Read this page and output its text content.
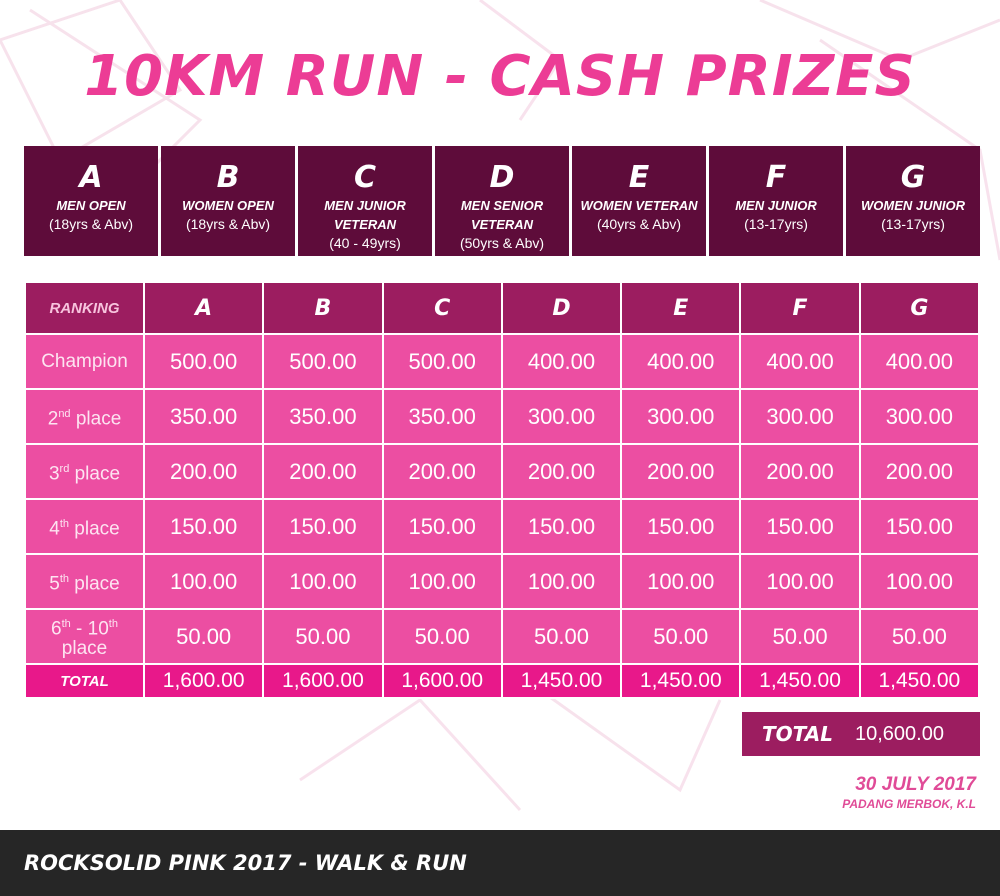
10KM RUN - CASH PRIZES
A
MEN OPEN
(18yrs & Abv)
B
WOMEN OPEN
(18yrs & Abv)
C
MEN JUNIOR VETERAN
(40 - 49yrs)
D
MEN SENIOR VETERAN
(50yrs & Abv)
E
WOMEN VETERAN
(40yrs & Abv)
F
MEN JUNIOR
(13-17yrs)
G
WOMEN JUNIOR
(13-17yrs)
RANKING	A	B	C	D	E	F	G
Champion	500.00	500.00	500.00	400.00	400.00	400.00	400.00
2nd place	350.00	350.00	350.00	300.00	300.00	300.00	300.00
3rd place	200.00	200.00	200.00	200.00	200.00	200.00	200.00
4th place	150.00	150.00	150.00	150.00	150.00	150.00	150.00
5th place	100.00	100.00	100.00	100.00	100.00	100.00	100.00
6th - 10th
place	50.00	50.00	50.00	50.00	50.00	50.00	50.00
TOTAL	1,600.00	1,600.00	1,600.00	1,450.00	1,450.00	1,450.00	1,450.00
TOTAL 10,600.00
30 JULY 2017
PADANG MERBOK, K.L
ROCKSOLID PINK 2017 - WALK & RUN
